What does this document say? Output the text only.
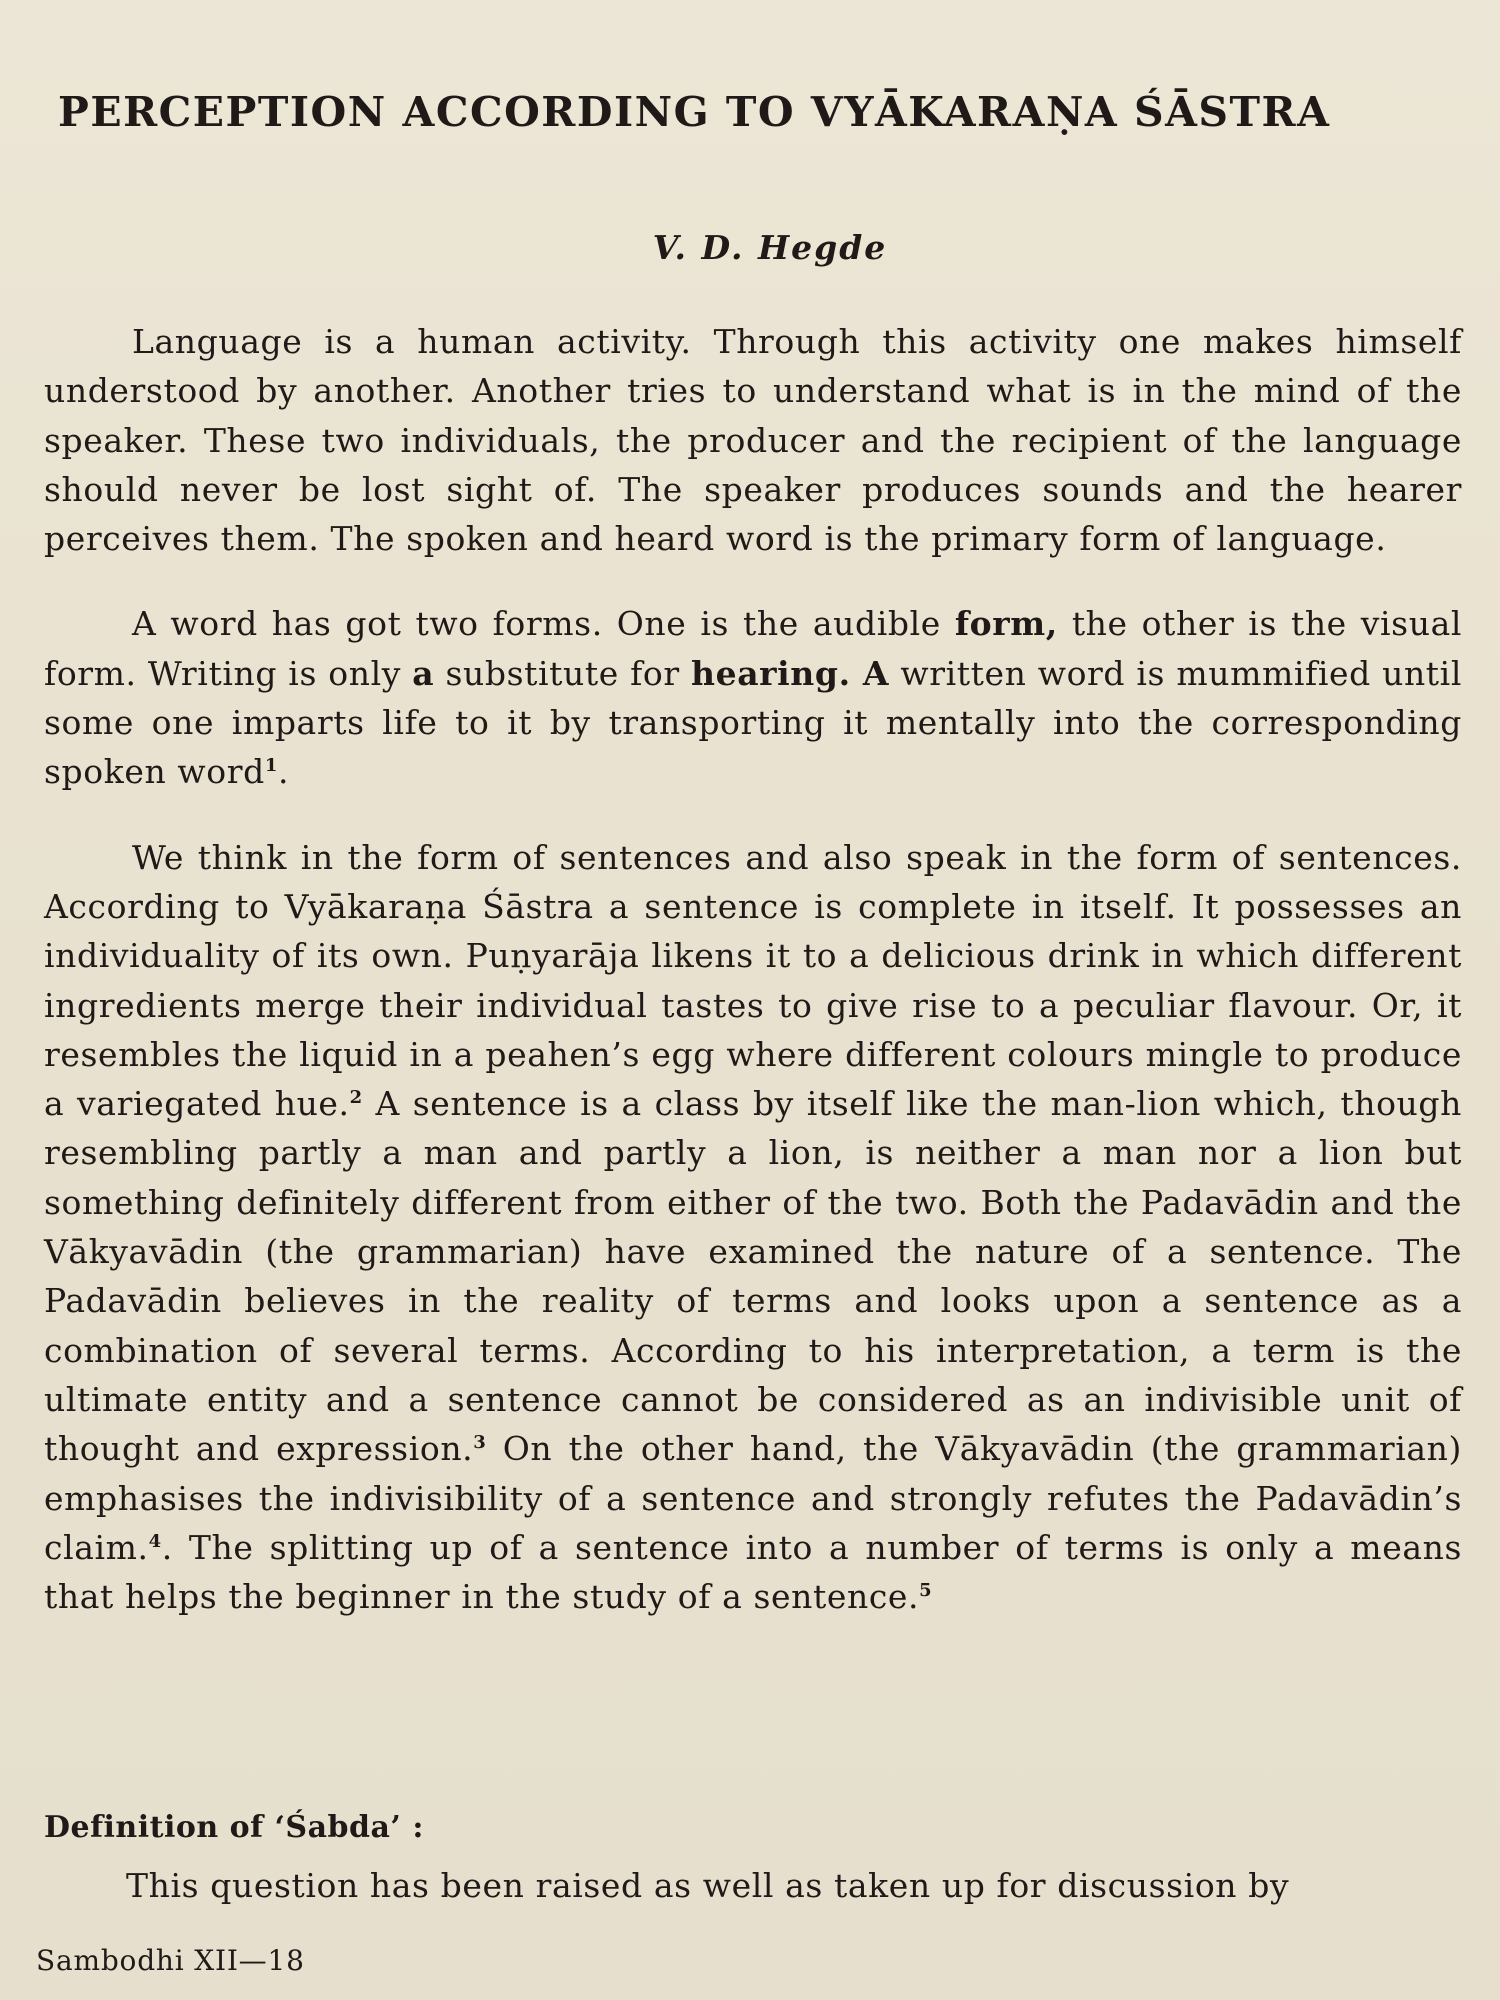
PERCEPTION ACCORDING TO VYĀKARAṆA ŚĀSTRA
V. D. Hegde

Language is a human activity. Through this activity one makes himself understood by another. Another tries to understand what is in the mind of the speaker. These two individuals, the producer and the recipient of the language should never be lost sight of. The speaker produces sounds and the hearer perceives them. The spoken and heard word is the primary form of language.

A word has got two forms. One is the audible form, the other is the visual form. Writing is only a substitute for hearing. A written word is mummified until some one imparts life to it by transporting it mentally into the corresponding spoken word$^1$.

We think in the form of sentences and also speak in the form of sentences. According to Vyākaraṇa Śāstra a sentence is complete in itself. It possesses an individuality of its own. Puṇyarāja likens it to a delicious drink in which different ingredients merge their individual tastes to give rise to a peculiar flavour. Or, it resembles the liquid in a peahen’s egg where different colours mingle to produce a variegated hue.$^2$ A sentence is a class by itself like the man-lion which, though resembling partly a man and partly a lion, is neither a man nor a lion but something definitely different from either of the two. Both the Padavādin and the Vākyavādin (the grammarian) have examined the nature of a sentence. The Padavādin believes in the reality of terms and looks upon a sentence as a combination of several terms. According to his interpretation, a term is the ultimate entity and a sentence cannot be considered as an indivisible unit of thought and expression.$^3$ On the other hand, the Vākyavādin (the grammarian) emphasises the indivisibility of a sentence and strongly refutes the Padavādin’s claim.$^4$. The splitting up of a sentence into a number of terms is only a means that helps the beginner in the study of a sentence.$^5$

Definition of ‘Śabda’ :
This question has been raised as well as taken up for discussion by
Sambodhi XII—18
